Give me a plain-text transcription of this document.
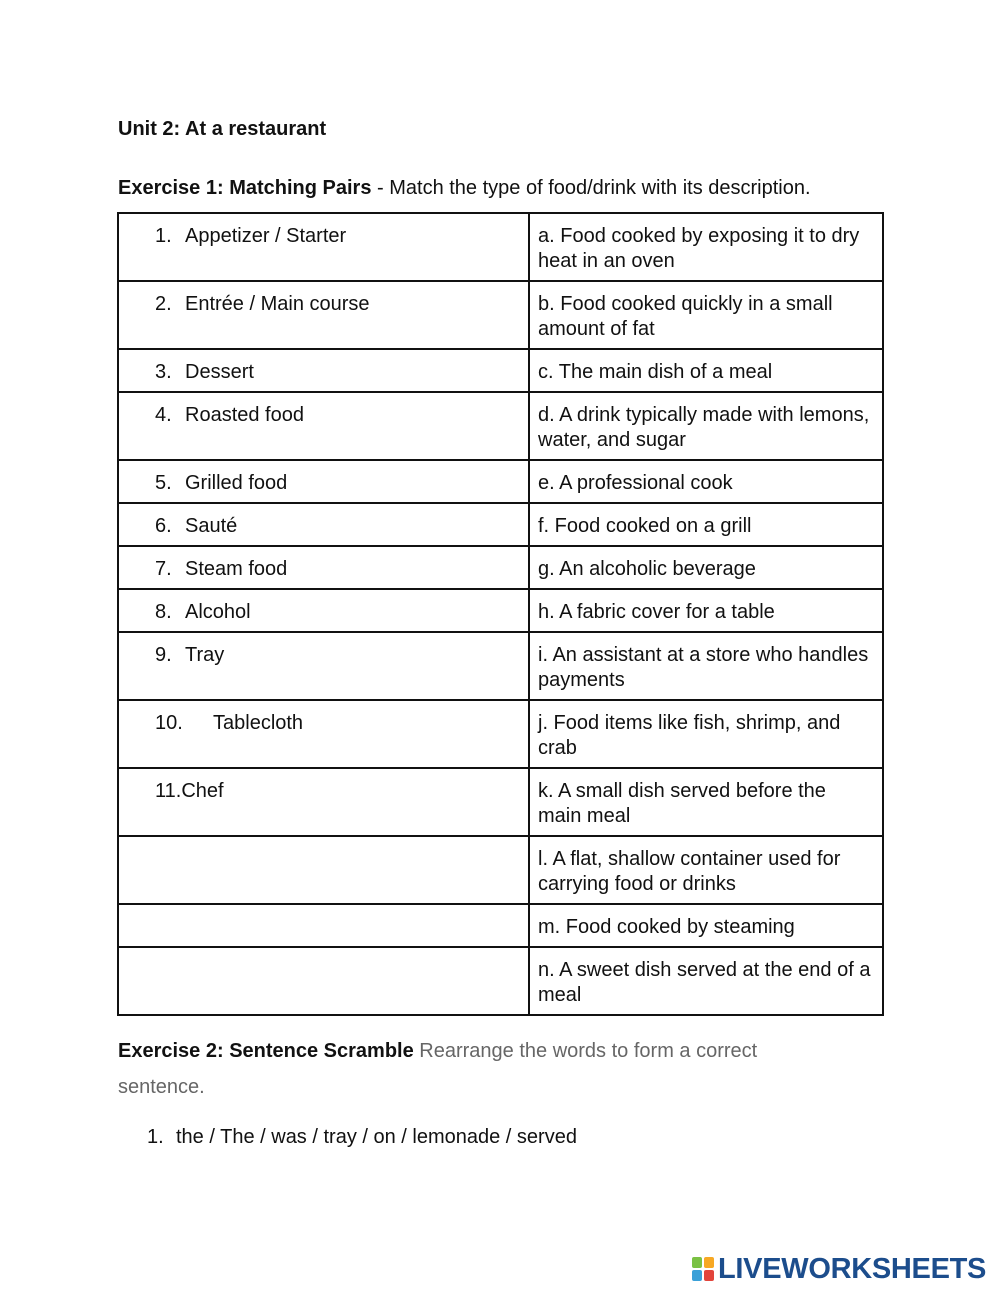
Unit 2: At a restaurant
Exercise 1: Matching Pairs - Match the type of food/drink with its description.
1. Appetizer / Starter	a. Food cooked by exposing it to dry heat in an oven
2. Entrée / Main course	b. Food cooked quickly in a small amount of fat
3. Dessert	c. The main dish of a meal
4. Roasted food	d. A drink typically made with lemons, water, and sugar
5. Grilled food	e. A professional cook
6. Sauté	f. Food cooked on a grill
7. Steam food	g. An alcoholic beverage
8. Alcohol	h. A fabric cover for a table
9. Tray	i. An assistant at a store who handles payments
10. Tablecloth	j. Food items like fish, shrimp, and crab
11.Chef	k. A small dish served before the main meal
	l. A flat, shallow container used for carrying food or drinks
	m. Food cooked by steaming
	n. A sweet dish served at the end of a meal
Exercise 2: Sentence Scramble Rearrange the words to form a correct sentence.
1. the / The / was / tray / on / lemonade / served
LIVEWORKSHEETS
